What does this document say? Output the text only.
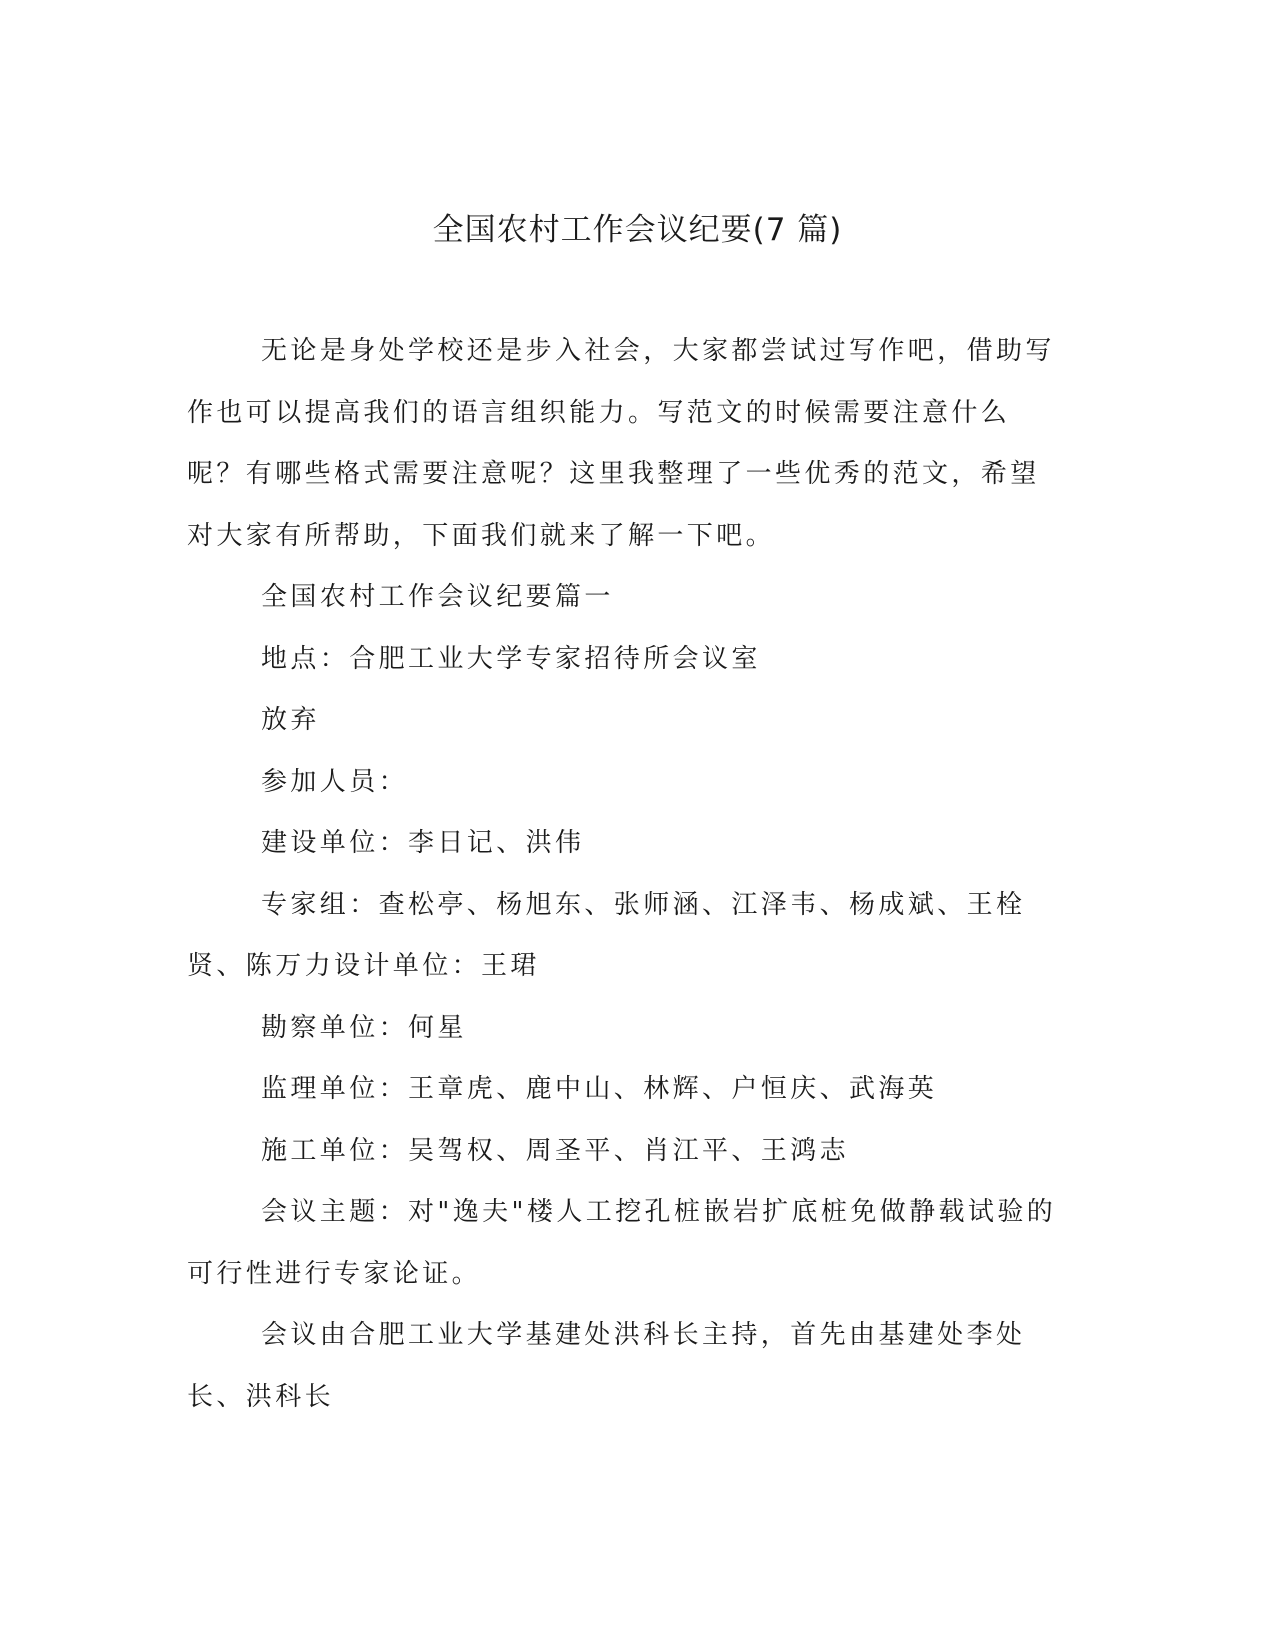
全国农村工作会议纪要(7 篇)

无论是身处学校还是步入社会，大家都尝试过写作吧，借助写作也可以提高我们的语言组织能力。写范文的时候需要注意什么呢？有哪些格式需要注意呢？这里我整理了一些优秀的范文，希望对大家有所帮助，下面我们就来了解一下吧。

全国农村工作会议纪要篇一

地点：合肥工业大学专家招待所会议室

放弃

参加人员：

建设单位：李日记、洪伟

专家组：查松亭、杨旭东、张师涵、江泽韦、杨成斌、王栓贤、陈万力设计单位：王珺

勘察单位：何星

监理单位：王章虎、鹿中山、林辉、户恒庆、武海英

施工单位：吴驾权、周圣平、肖江平、王鸿志

会议主题：对"逸夫"楼人工挖孔桩嵌岩扩底桩免做静载试验的可行性进行专家论证。

会议由合肥工业大学基建处洪科长主持，首先由基建处李处长、洪科长
